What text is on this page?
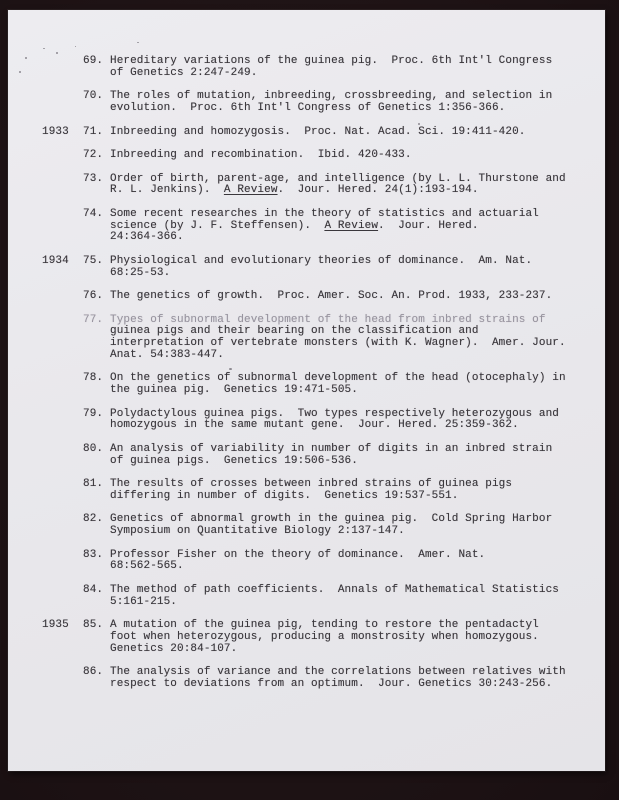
69. Hereditary variations of the guinea pig.  Proc. 6th Int'l Congress
of Genetics 2:247-249.
70. The roles of mutation, inbreeding, crossbreeding, and selection in
evolution.  Proc. 6th Int'l Congress of Genetics 1:356-366.
1933	71. Inbreeding and homozygosis.  Proc. Nat. Acad. Sci. 19:411-420.
72. Inbreeding and recombination.  Ibid. 420-433.
73. Order of birth, parent-age, and intelligence (by L. L. Thurstone and
R. L. Jenkins).  A Review.  Jour. Hered. 24(1):193-194.
74. Some recent researches in the theory of statistics and actuarial
science (by J. F. Steffensen).  A Review.  Jour. Hered.
24:364-366.
1934	75. Physiological and evolutionary theories of dominance.  Am. Nat.
68:25-53.
76. The genetics of growth.  Proc. Amer. Soc. An. Prod. 1933, 233-237.
77. Types of subnormal development of the head from inbred strains of
guinea pigs and their bearing on the classification and
interpretation of vertebrate monsters (with K. Wagner).  Amer. Jour.
Anat. 54:383-447.
78. On the genetics of subnormal development of the head (otocephaly) in
the guinea pig.  Genetics 19:471-505.
79. Polydactylous guinea pigs.  Two types respectively heterozygous and
homozygous in the same mutant gene.  Jour. Hered. 25:359-362.
80. An analysis of variability in number of digits in an inbred strain
of guinea pigs.  Genetics 19:506-536.
81. The results of crosses between inbred strains of guinea pigs
differing in number of digits.  Genetics 19:537-551.
82. Genetics of abnormal growth in the guinea pig.  Cold Spring Harbor
Symposium on Quantitative Biology 2:137-147.
83. Professor Fisher on the theory of dominance.  Amer. Nat.
68:562-565.
84. The method of path coefficients.  Annals of Mathematical Statistics
5:161-215.
1935	85. A mutation of the guinea pig, tending to restore the pentadactyl
foot when heterozygous, producing a monstrosity when homozygous.
Genetics 20:84-107.
86. The analysis of variance and the correlations between relatives with
respect to deviations from an optimum.  Jour. Genetics 30:243-256.
